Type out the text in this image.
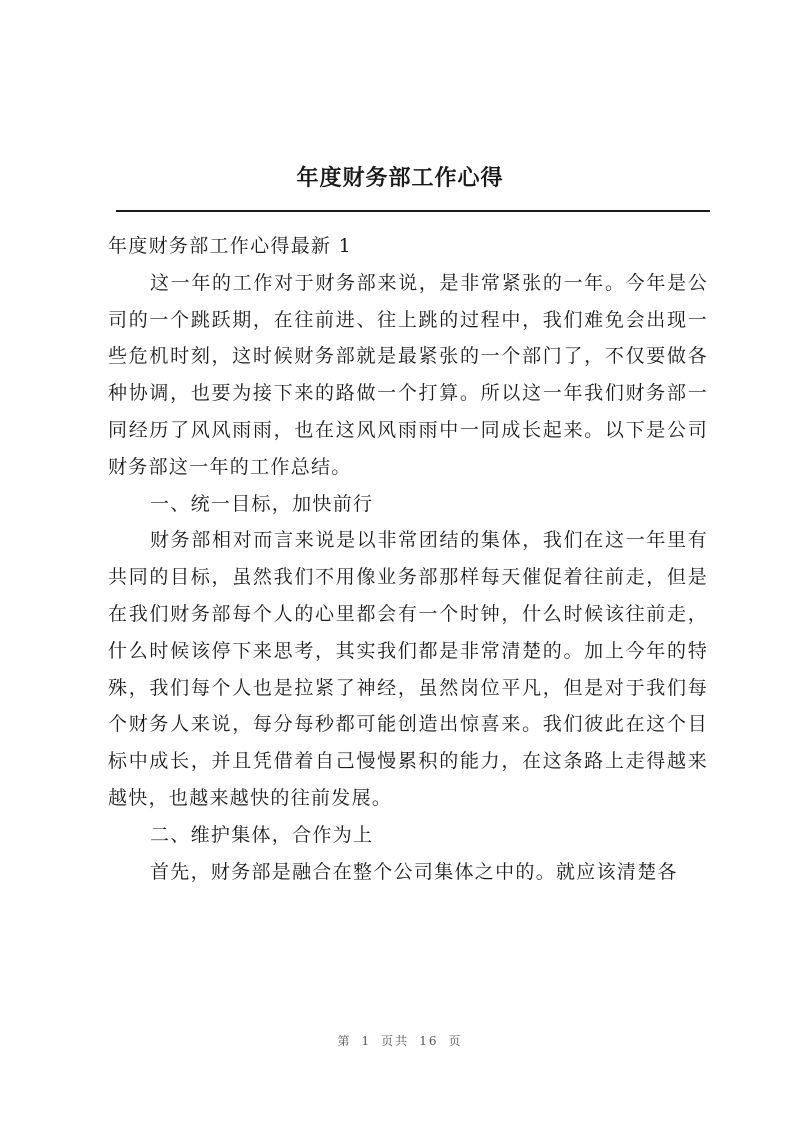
年度财务部工作心得

年度财务部工作心得最新 1

这一年的工作对于财务部来说，是非常紧张的一年。今年是公司的一个跳跃期，在往前进、往上跳的过程中，我们难免会出现一些危机时刻，这时候财务部就是最紧张的一个部门了，不仅要做各种协调，也要为接下来的路做一个打算。所以这一年我们财务部一同经历了风风雨雨，也在这风风雨雨中一同成长起来。以下是公司财务部这一年的工作总结。

一、统一目标，加快前行

财务部相对而言来说是以非常团结的集体，我们在这一年里有共同的目标，虽然我们不用像业务部那样每天催促着往前走，但是在我们财务部每个人的心里都会有一个时钟，什么时候该往前走，什么时候该停下来思考，其实我们都是非常清楚的。加上今年的特殊，我们每个人也是拉紧了神经，虽然岗位平凡，但是对于我们每个财务人来说，每分每秒都可能创造出惊喜来。我们彼此在这个目标中成长，并且凭借着自己慢慢累积的能力，在这条路上走得越来越快，也越来越快的往前发展。

二、维护集体，合作为上

首先，财务部是融合在整个公司集体之中的。就应该清楚各

第 1 页共 16 页
